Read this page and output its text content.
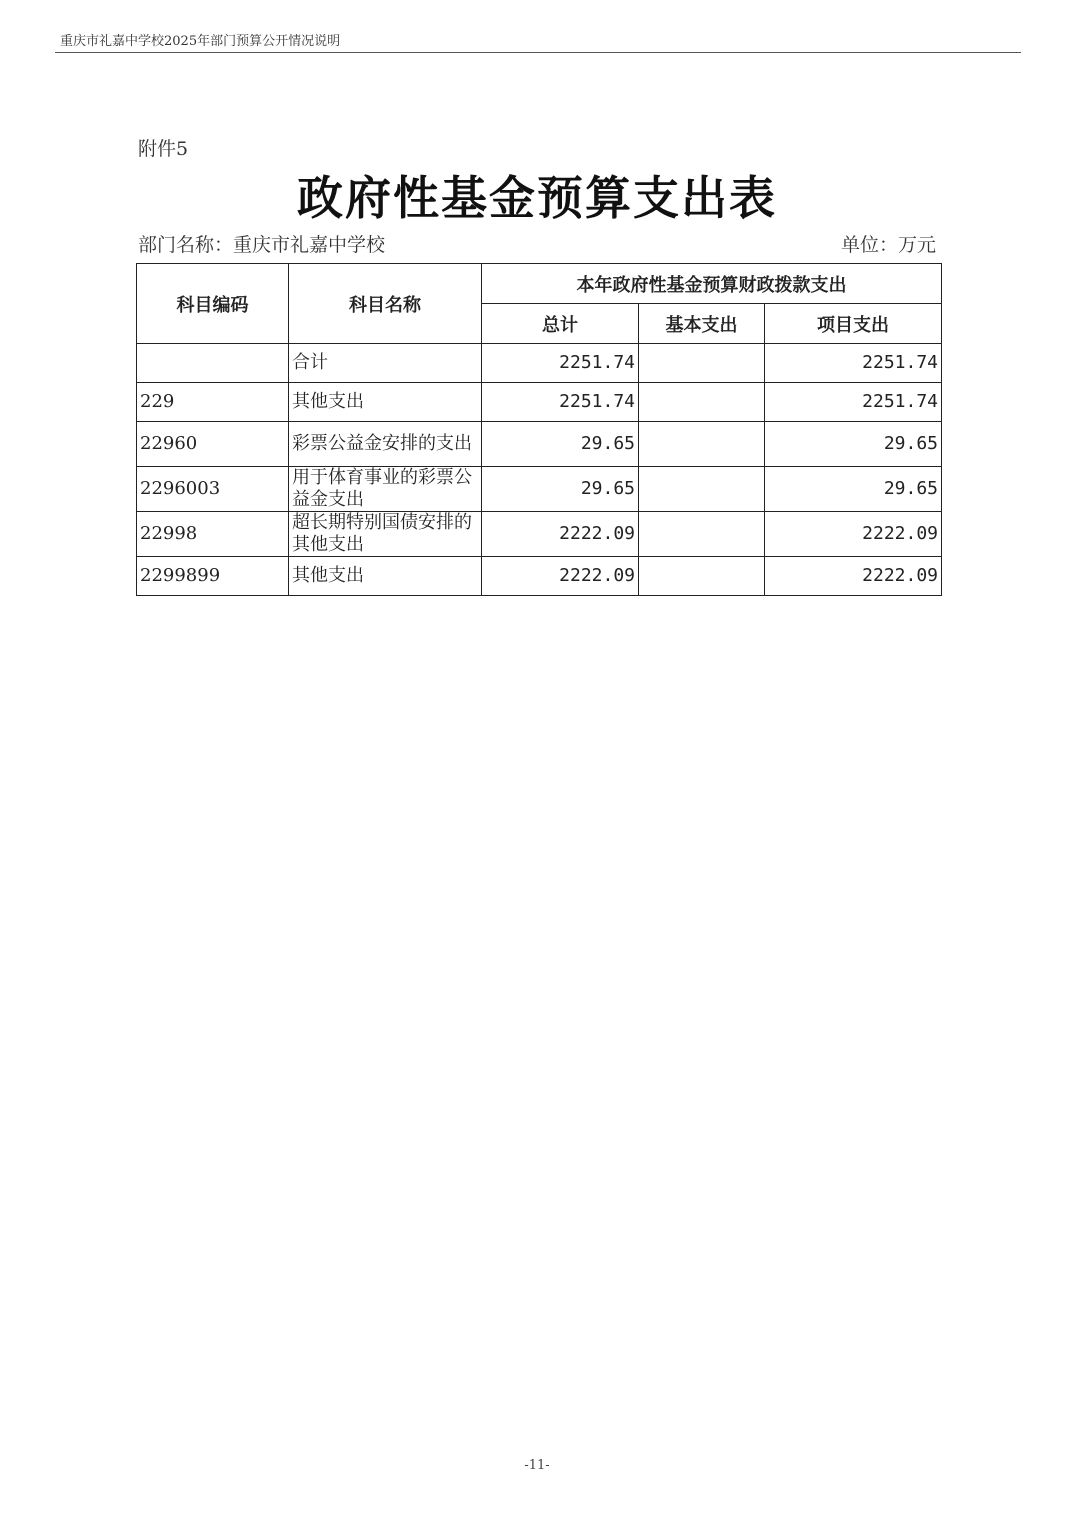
重庆市礼嘉中学校2025年部门预算公开情况说明
附件5
政府性基金预算支出表
部门名称：重庆市礼嘉中学校	单位：万元
科目编码	科目名称	本年政府性基金预算财政拨款支出		
		总计	基本支出	项目支出
	合计	2251.74		2251.74
229	其他支出	2251.74		2251.74
22960	彩票公益金安排的支出	29.65		29.65
2296003	用于体育事业的彩票公益金支出	29.65		29.65
22998	超长期特别国债安排的其他支出	2222.09		2222.09
2299899	其他支出	2222.09		2222.09
-11-
